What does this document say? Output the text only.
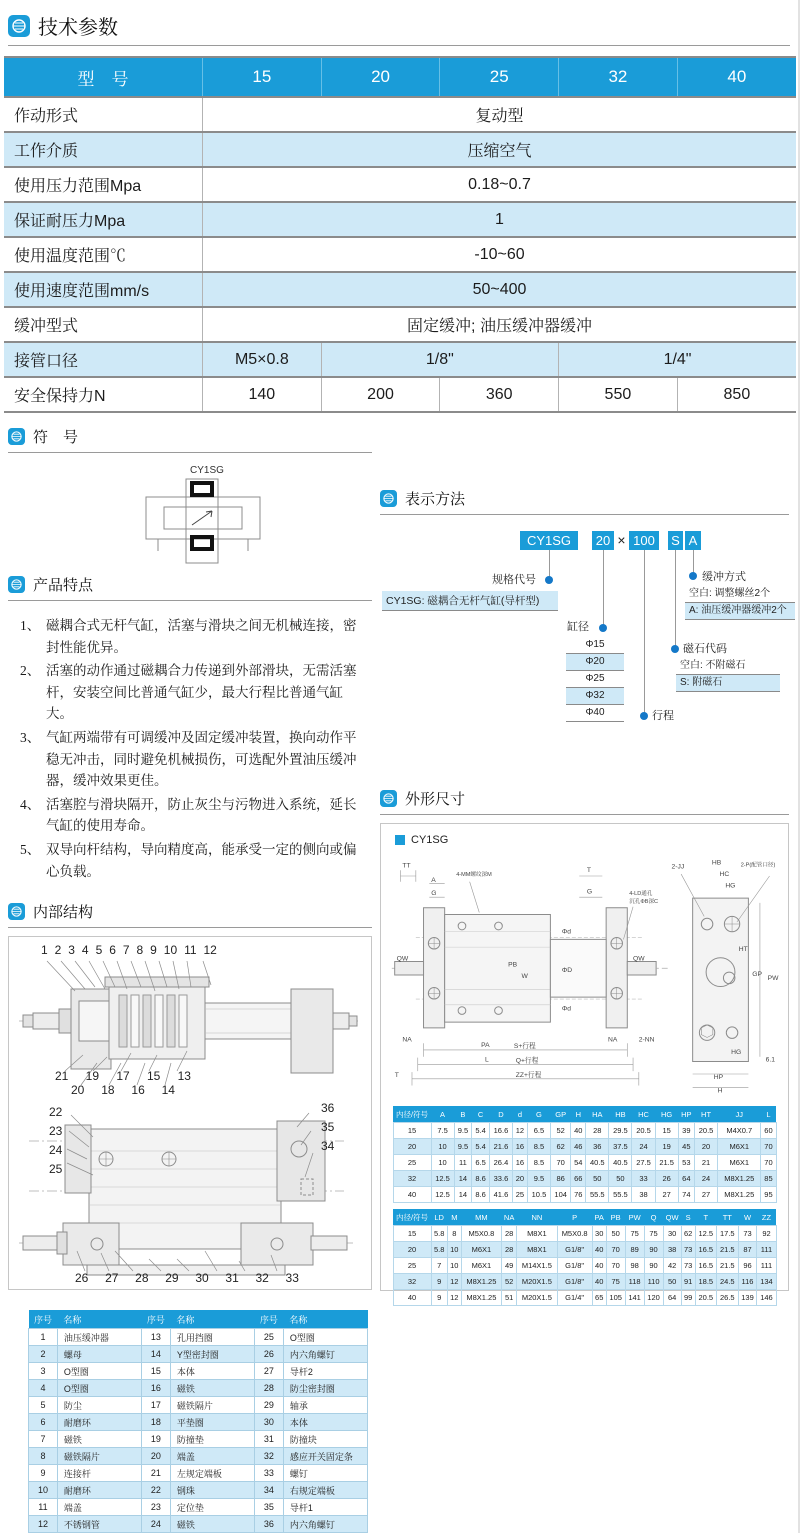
技术参数
型　号	15	20	25	32	40
作动形式	复动型				
工作介质	压缩空气				
使用压力范围Mpa	0.18~0.7				
保证耐压力Mpa	1				
使用温度范围℃	-10~60				
使用速度范围mm/s	50~400				
缓冲型式	固定缓冲; 油压缓冲器缓冲				
接管口径	M5×0.8	1/8"		1/4"	
安全保持力N	140	200	360	550	850
符　号
CY1SG
产品特点
1、 磁耦合式无杆气缸，活塞与滑块之间无机械连接，密封性能优异。
2、 活塞的动作通过磁耦合力传递到外部滑块，无需活塞杆，安装空间比普通气缸少，最大行程比普通气缸大。
3、 气缸两端带有可调缓冲及固定缓冲装置，换向动作平稳无冲击，同时避免机械损伤，可选配外置油压缓冲器，缓冲效果更佳。
4、 活塞腔与滑块隔开，防止灰尘与污物进入系统，延长气缸的使用寿命。
5、 双导向杆结构，导向精度高，能承受一定的侧向或偏心负载。
内部结构
1 2 3 4 5 6 7 8 9 10 11 12
21 19 17 15 13
20 18 16 14
22
23
24
25
36
35
34
26 27 28 29 30 31 32 33
序号	名称	序号	名称	序号	名称
1	油压缓冲器	13	孔用挡圈	25	O型圈
2	螺母	14	Y型密封圈	26	内六角螺钉
3	O型圈	15	本体	27	导杆2
4	O型圈	16	磁铁	28	防尘密封圈
5	防尘	17	磁铁隔片	29	轴承
6	耐磨环	18	平垫圈	30	本体
7	磁铁	19	防撞垫	31	防撞块
8	磁铁隔片	20	端盖	32	感应开关固定条
9	连接杆	21	左规定端板	33	螺钉
10	耐磨环	22	钢珠	34	右规定端板
11	端盖	23	定位垫	35	导杆1
12	不锈钢管	24	磁铁	36	内六角螺钉
表示方法
CY1SG	20 × 100	S A
规格代号
CY1SG: 磁耦合无杆气缸(导杆型)
缓冲方式
空白: 调整螺丝2个
A: 油压缓冲器缓冲2个
缸径
Φ15
Φ20
Φ25
Φ32
Φ40
磁石代码
空白: 不附磁石
S: 附磁石
行程
外形尺寸
CY1SG
TT
A
G
4-MM螺纹深M
T
G	4-LD通孔
沉孔ΦB深C
2-JJ
HB
HC
HG
2-P(配管口径)
QW
PB
W
Φd
ΦD
Φd
QW
NA
PA
L
T
S+行程
Q+行程
ZZ+行程
2-NN
NA
HT
GP
PW
HG
HP
H
6.1
内径/符号	A	B	C	D	d	G	GP	H	HA	HB	HC	HG	HP	HT	JJ	L
15	7.5	9.5	5.4	16.6	12	6.5	52	40	28	29.5	20.5	15	39	20.5	M4X0.7	60
20	10	9.5	5.4	21.6	16	8.5	62	46	36	37.5	24	19	45	20	M6X1	70
25	10	11	6.5	26.4	16	8.5	70	54	40.5	40.5	27.5	21.5	53	21	M6X1	70
32	12.5	14	8.6	33.6	20	9.5	86	66	50	50	33	26	64	24	M8X1.25	85
40	12.5	14	8.6	41.6	25	10.5	104	76	55.5	55.5	38	27	74	27	M8X1.25	95
内径/符号	LD	M	MM	NA	NN	P	PA	PB	PW	Q	QW	S	T	TT	W	ZZ
15	5.8	8	M5X0.8	28	M8X1	M5X0.8	30	50	75	75	30	62	12.5	17.5	73	92
20	5.8	10	M6X1	28	M8X1	G1/8"	40	70	89	90	38	73	16.5	21.5	87	111
25	7	10	M6X1	49	M14X1.5	G1/8"	40	70	98	90	42	73	16.5	21.5	96	111
32	9	12	M8X1.25	52	M20X1.5	G1/8"	40	75	118	110	50	91	18.5	24.5	116	134
40	9	12	M8X1.25	51	M20X1.5	G1/4"	65	105	141	120	64	99	20.5	26.5	139	146
